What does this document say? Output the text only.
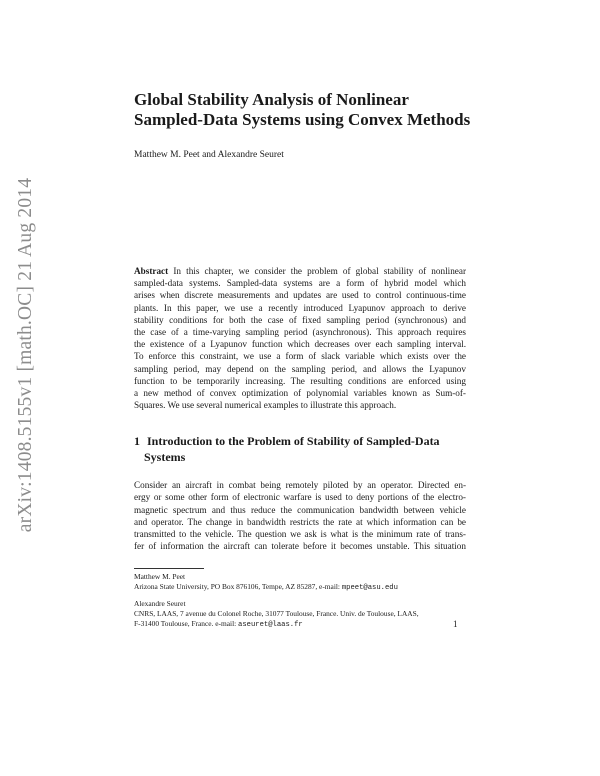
arXiv:1408.5155v1 [math.OC] 21 Aug 2014
Global Stability Analysis of Nonlinear
Sampled-Data Systems using Convex Methods
Matthew M. Peet and Alexandre Seuret
Abstract In this chapter, we consider the problem of global stability of nonlinear
sampled-data systems. Sampled-data systems are a form of hybrid model which
arises when discrete measurements and updates are used to control continuous-time
plants. In this paper, we use a recently introduced Lyapunov approach to derive
stability conditions for both the case of fixed sampling period (synchronous) and
the case of a time-varying sampling period (asynchronous). This approach requires
the existence of a Lyapunov function which decreases over each sampling interval.
To enforce this constraint, we use a form of slack variable which exists over the
sampling period, may depend on the sampling period, and allows the Lyapunov
function to be temporarily increasing. The resulting conditions are enforced using
a new method of convex optimization of polynomial variables known as Sum-of-
Squares. We use several numerical examples to illustrate this approach.
1 Introduction to the Problem of Stability of Sampled-Data
Systems
Consider an aircraft in combat being remotely piloted by an operator. Directed en-
ergy or some other form of electronic warfare is used to deny portions of the electro-
magnetic spectrum and thus reduce the communication bandwidth between vehicle
and operator. The change in bandwidth restricts the rate at which information can be
transmitted to the vehicle. The question we ask is what is the minimum rate of trans-
fer of information the aircraft can tolerate before it becomes unstable. This situation
Matthew M. Peet
Arizona State University, PO Box 876106, Tempe, AZ 85287, e-mail: mpeet@asu.edu
Alexandre Seuret
CNRS, LAAS, 7 avenue du Colonel Roche, 31077 Toulouse, France. Univ. de Toulouse, LAAS,
F-31400 Toulouse, France. e-mail: aseuret@laas.fr	1
